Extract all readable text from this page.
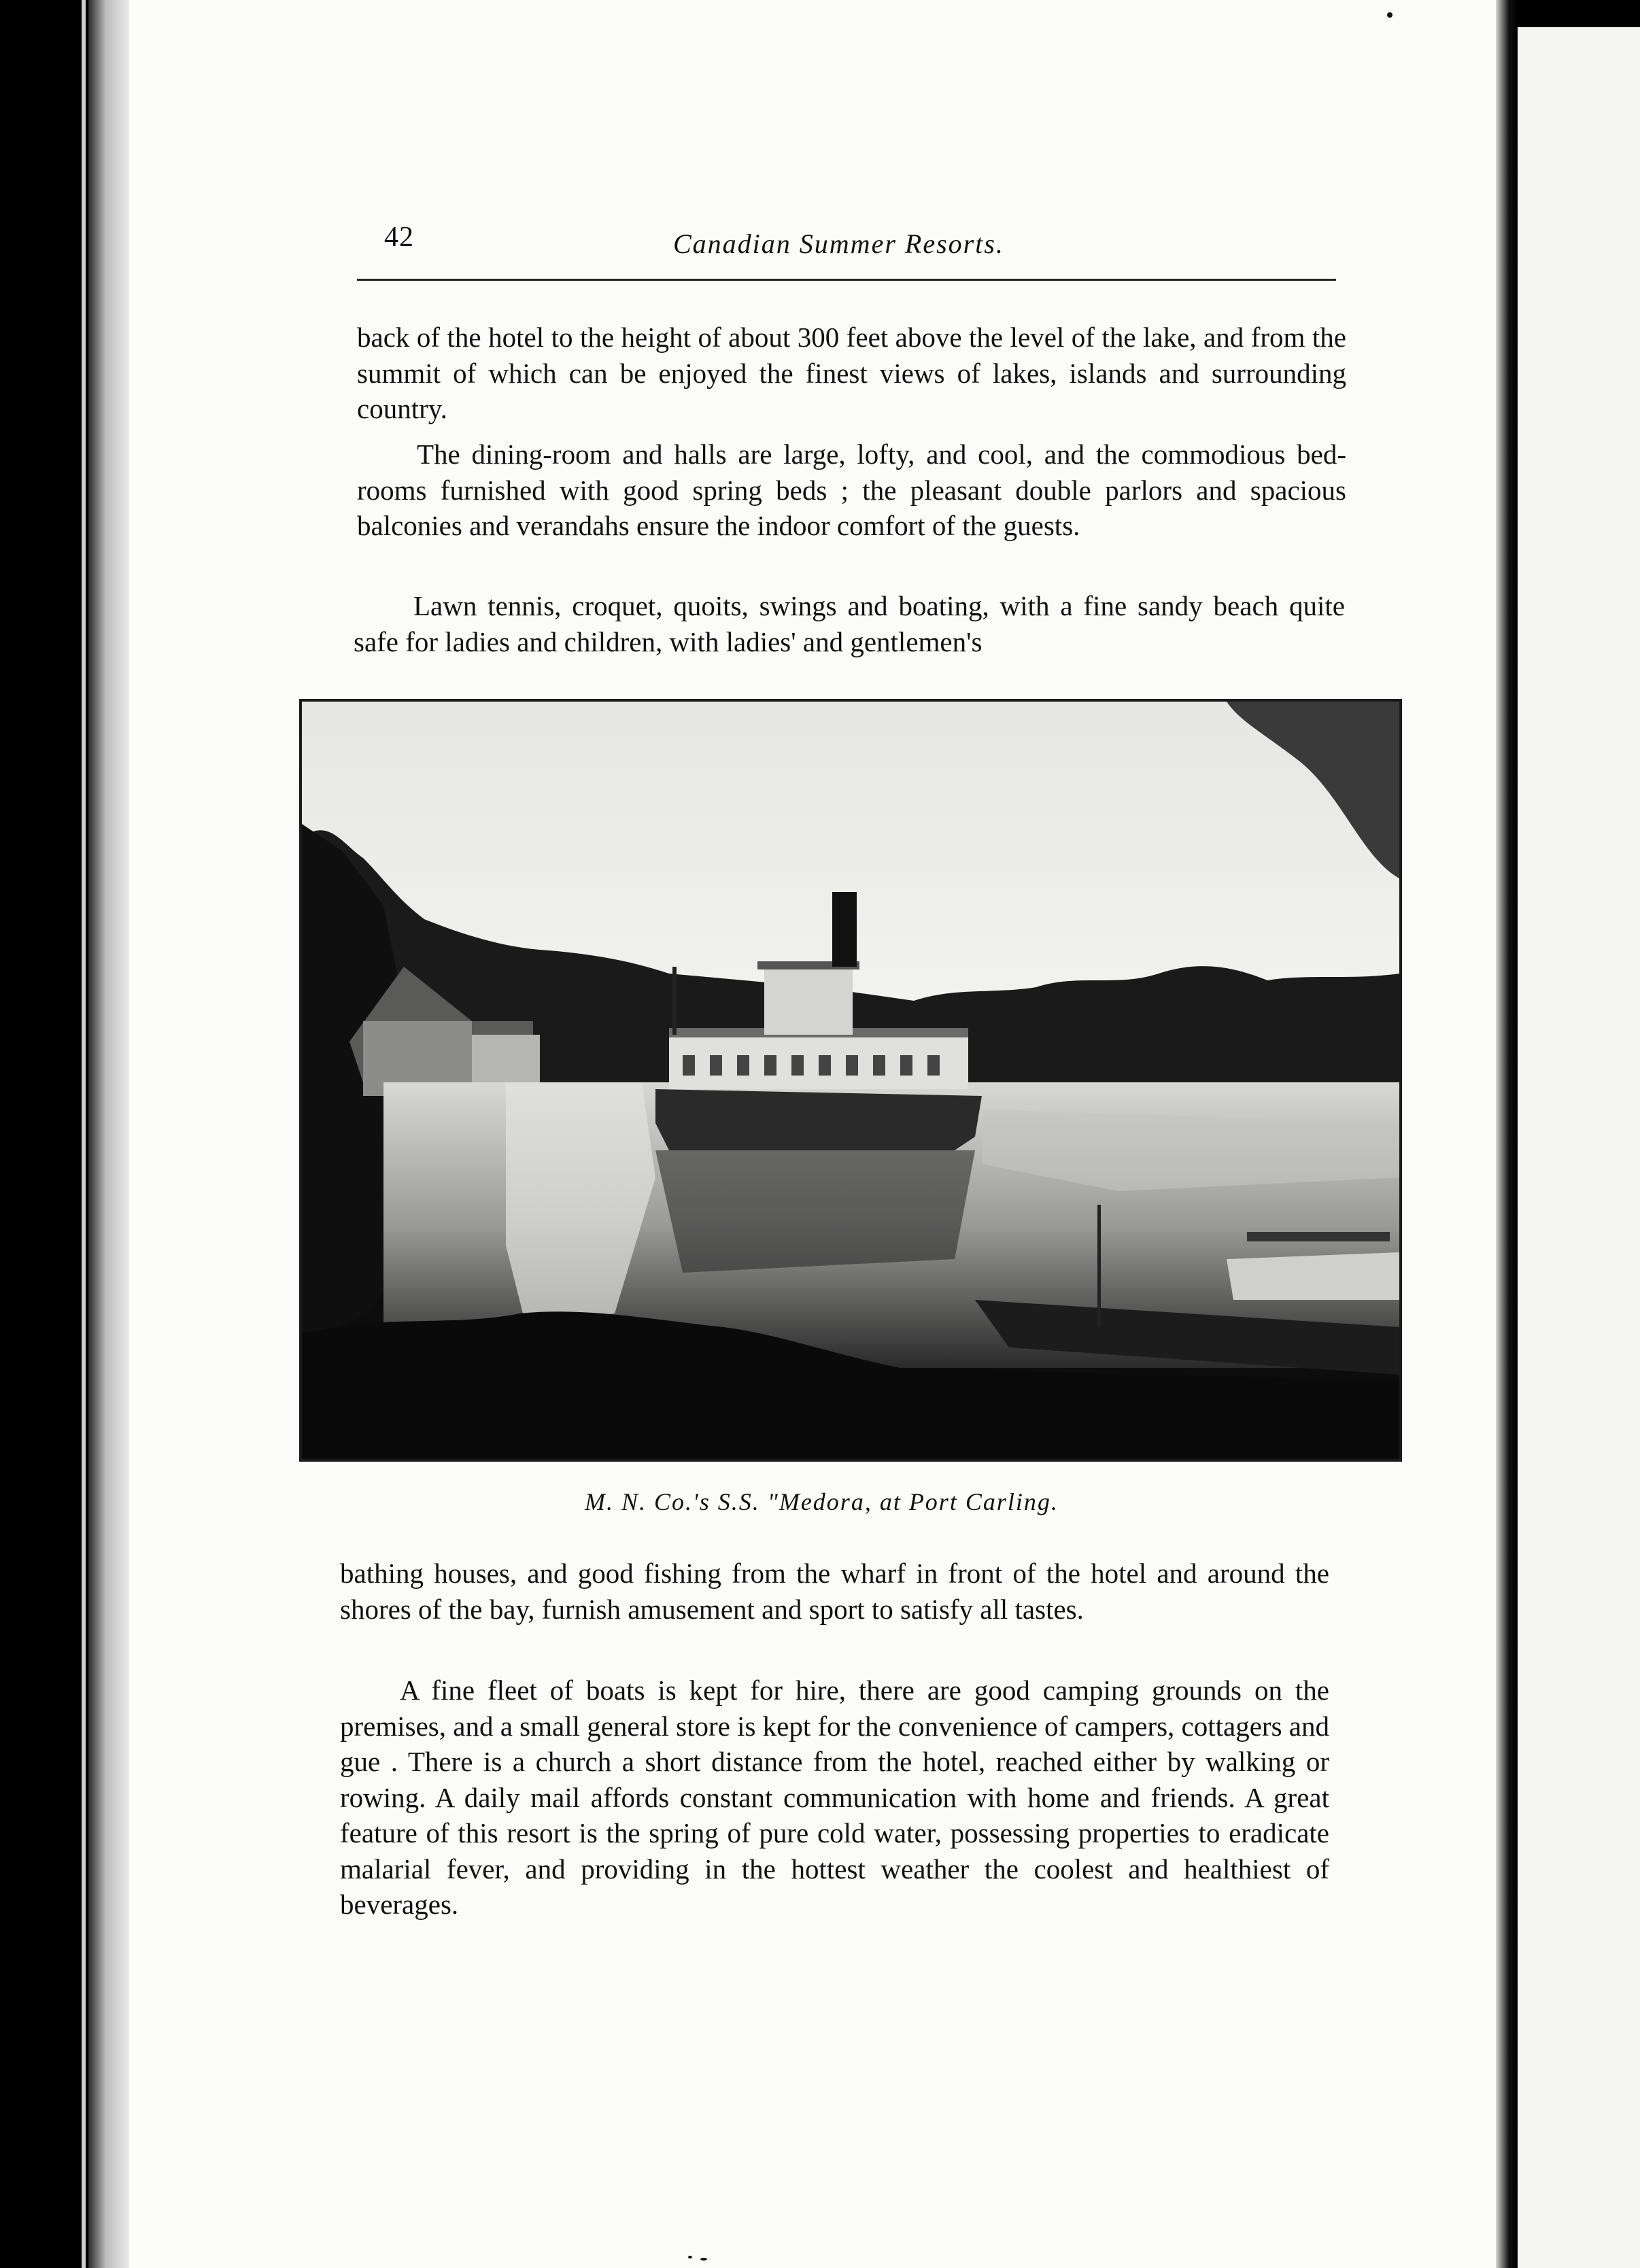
42	Canadian Summer Resorts.

back of the hotel to the height of about 300 feet above the level of the lake, and from the summit of which can be enjoyed the finest views of lakes, islands and surrounding country.

The dining-room and halls are large, lofty, and cool, and the commodious bed-rooms furnished with good spring beds ; the pleasant double parlors and spacious balconies and verandahs ensure the indoor comfort of the guests.

Lawn tennis, croquet, quoits, swings and boating, with a fine sandy beach quite safe for ladies and children, with ladies' and gentlemen's

M. N. Co.'s S.S. "Medora, at Port Carling.

bathing houses, and good fishing from the wharf in front of the hotel and around the shores of the bay, furnish amusement and sport to satisfy all tastes.

A fine fleet of boats is kept for hire, there are good camping grounds on the premises, and a small general store is kept for the convenience of campers, cottagers and gue . There is a church a short distance from the hotel, reached either by walking or rowing. A daily mail affords constant communication with home and friends. A great feature of this resort is the spring of pure cold water, possessing properties to eradicate malarial fever, and providing in the hottest weather the coolest and healthiest of beverages.
